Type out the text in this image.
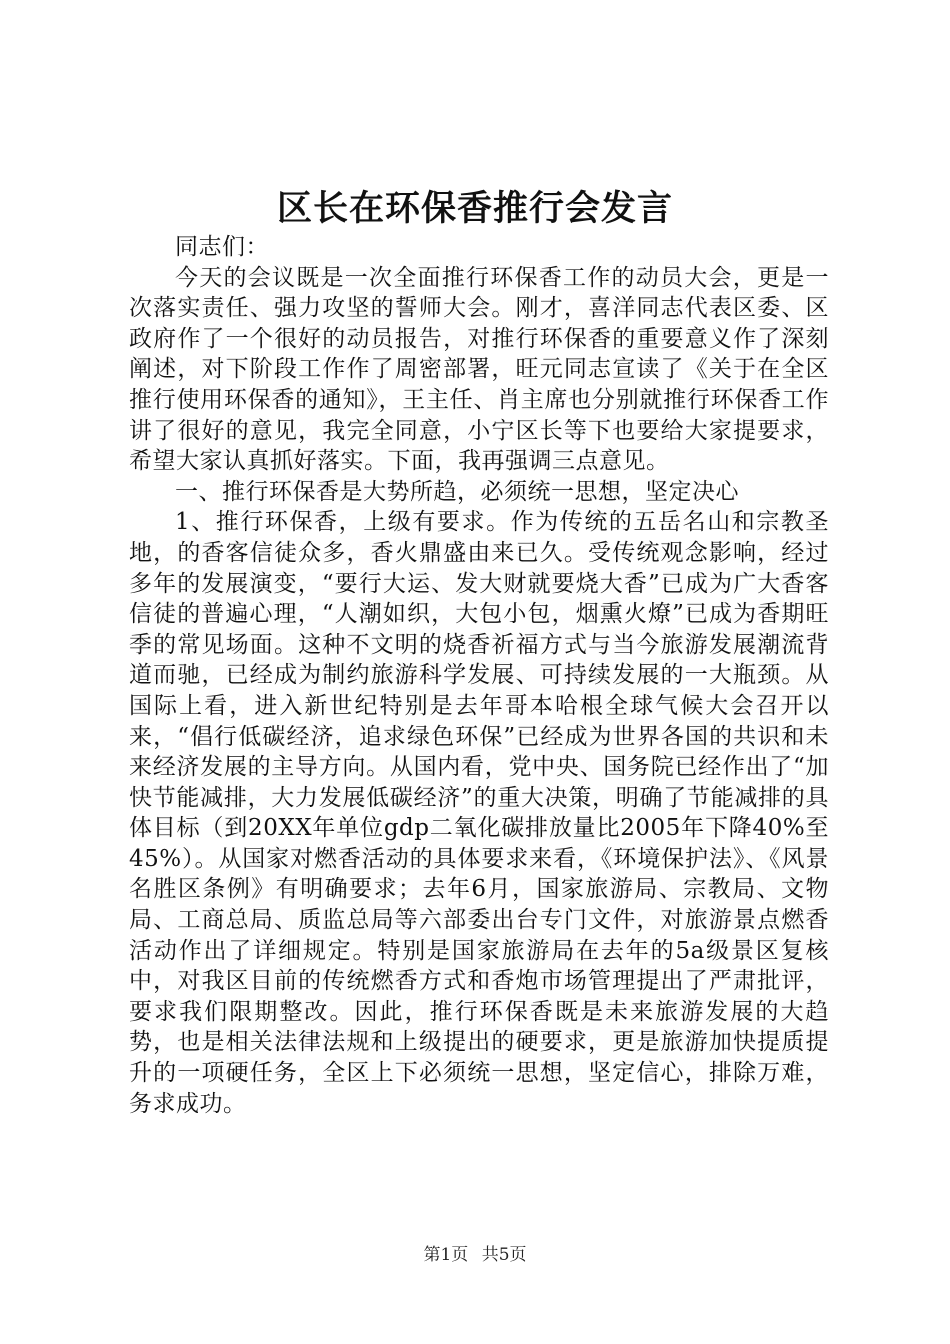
区长在环保香推行会发言

同志们：

今天的会议既是一次全面推行环保香工作的动员大会，更是一次落实责任、强力攻坚的誓师大会。刚才，喜洋同志代表区委、区政府作了一个很好的动员报告，对推行环保香的重要意义作了深刻阐述，对下阶段工作作了周密部署，旺元同志宣读了《关于在全区推行使用环保香的通知》，王主任、肖主席也分别就推行环保香工作讲了很好的意见，我完全同意，小宁区长等下也要给大家提要求，希望大家认真抓好落实。下面，我再强调三点意见。

一、推行环保香是大势所趋，必须统一思想，坚定决心

1、推行环保香，上级有要求。作为传统的五岳名山和宗教圣地，的香客信徒众多，香火鼎盛由来已久。受传统观念影响，经过多年的发展演变，“要行大运、发大财就要烧大香”已成为广大香客信徒的普遍心理，“人潮如织，大包小包，烟熏火燎”已成为香期旺季的常见场面。这种不文明的烧香祈福方式与当今旅游发展潮流背道而驰，已经成为制约旅游科学发展、可持续发展的一大瓶颈。从国际上看，进入新世纪特别是去年哥本哈根全球气候大会召开以来，“倡行低碳经济，追求绿色环保”已经成为世界各国的共识和未来经济发展的主导方向。从国内看，党中央、国务院已经作出了“加快节能减排，大力发展低碳经济”的重大决策，明确了节能减排的具体目标（到20XX年单位gdp二氧化碳排放量比2005年下降40%至45%）。从国家对燃香活动的具体要求来看，《环境保护法》、《风景名胜区条例》有明确要求；去年6月，国家旅游局、宗教局、文物局、工商总局、质监总局等六部委出台专门文件，对旅游景点燃香活动作出了详细规定。特别是国家旅游局在去年的5a级景区复核中，对我区目前的传统燃香方式和香炮市场管理提出了严肃批评，要求我们限期整改。因此，推行环保香既是未来旅游发展的大趋势，也是相关法律法规和上级提出的硬要求，更是旅游加快提质提升的一项硬任务，全区上下必须统一思想，坚定信心，排除万难，务求成功。

第1页 共5页
